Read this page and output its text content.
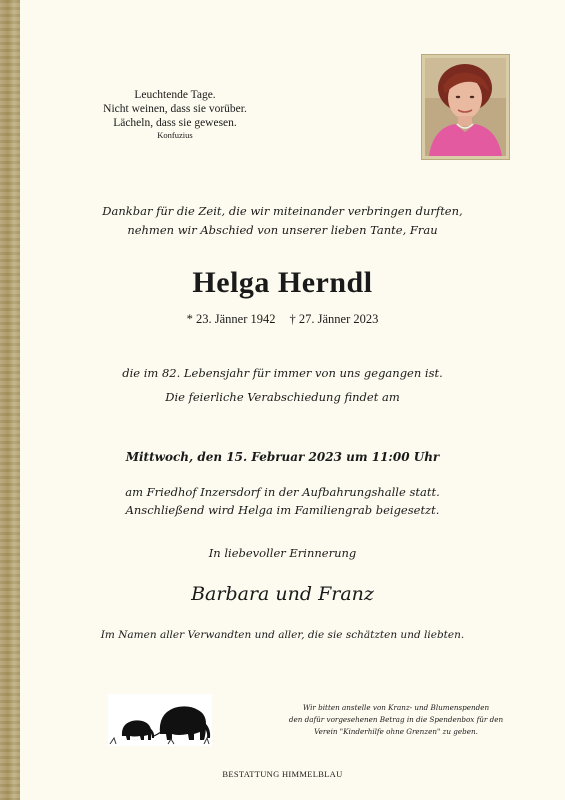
Leuchtende Tage.
Nicht weinen, dass sie vorüber.
Lächeln, dass sie gewesen.
Konfuzius
Dankbar für die Zeit, die wir miteinander verbringen durften,
nehmen wir Abschied von unserer lieben Tante, Frau
Helga Herndl
* 23. Jänner 1942 † 27. Jänner 2023
die im 82. Lebensjahr für immer von uns gegangen ist.
Die feierliche Verabschiedung findet am
Mittwoch, den 15. Februar 2023 um 11:00 Uhr
am Friedhof Inzersdorf in der Aufbahrungshalle statt.
Anschließend wird Helga im Familiengrab beigesetzt.
In liebevoller Erinnerung
Barbara und Franz
Im Namen aller Verwandten und aller, die sie schätzten und liebten.
Wir bitten anstelle von Kranz- und Blumenspenden
den dafür vorgesehenen Betrag in die Spendenbox für den
Verein "Kinderhilfe ohne Grenzen" zu geben.
BESTATTUNG HIMMELBLAU
